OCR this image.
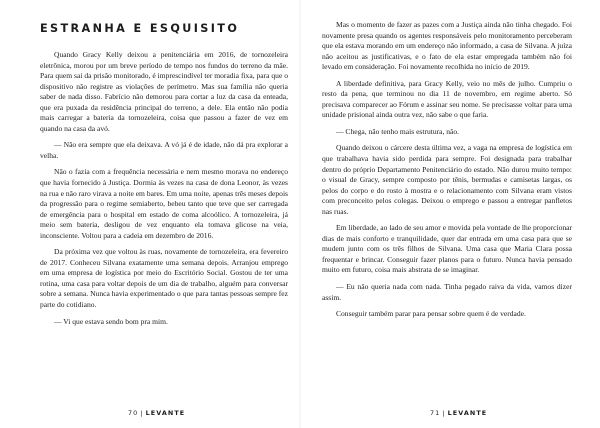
ESTRANHA E ESQUISITO

Quando Gracy Kelly deixou a penitenciária em 2016, de tornozeleira eletrônica, morou por um breve período de tempo nos fundos do terreno da mãe. Para quem sai da prisão monitorado, é imprescindível ter moradia fixa, para que o dispositivo não registre as violações de perímetro. Mas sua família não queria saber de nada disso. Fabrício não demorou para cortar a luz da casa da enteada, que era puxada da residência principal do terreno, a dele. Ela então não podia mais carregar a bateria da tornozeleira, coisa que passou a fazer de vez em quando na casa da avó.

— Não era sempre que ela deixava. A vó já é de idade, não dá pra explorar a velha.

Não o fazia com a frequência necessária e nem mesmo morava no endereço que havia fornecido à Justiça. Dormia às vezes na casa de dona Leonor, às vezes na rua e não raro virava a noite em bares. Em uma noite, apenas três meses depois da progressão para o regime semiaberto, bebeu tanto que teve que ser carregada de emergência para o hospital em estado de coma alcoólico. A tornozeleira, já meio sem bateria, desligou de vez enquanto ela tomava glicose na veia, inconsciente. Voltou para a cadeia em dezembro de 2016.

Da próxima vez que voltou às ruas, novamente de tornozeleira, era fevereiro de 2017. Conheceu Silvana exatamente uma semana depois. Arranjou emprego em uma empresa de logística por meio do Escritório Social. Gostou de ter uma rotina, uma casa para voltar depois de um dia de trabalho, alguém para conversar sobre a semana. Nunca havia experimentado o que para tantas pessoas sempre fez parte do cotidiano.

— Vi que estava sendo bom pra mim.

70 | LEVANTE

Mas o momento de fazer as pazes com a Justiça ainda não tinha chegado. Foi novamente presa quando os agentes responsáveis pelo monitoramento perceberam que ela estava morando em um endereço não informado, a casa de Silvana. A juíza não aceitou as justificativas, e o fato de ela estar empregada também não foi levado em consideração. Foi novamente recolhida no início de 2019.

A liberdade definitiva, para Gracy Kelly, veio no mês de julho. Cumpriu o resto da pena, que terminou no dia 11 de novembro, em regime aberto. Só precisava comparecer ao Fórum e assinar seu nome. Se precisasse voltar para uma unidade prisional ainda outra vez, não sabe o que faria.

— Chega, não tenho mais estrutura, não.

Quando deixou o cárcere desta última vez, a vaga na empresa de logística em que trabalhava havia sido perdida para sempre. Foi designada para trabalhar dentro do próprio Departamento Penitenciário do estado. Não durou muito tempo: o visual de Gracy, sempre composto por tênis, bermudas e camisetas largas, os pelos do corpo e do rosto à mostra e o relacionamento com Silvana eram vistos com preconceito pelos colegas. Deixou o emprego e passou a entregar panfletos nas ruas.

Em liberdade, ao lado de seu amor e movida pela vontade de lhe proporcionar dias de mais conforto e tranquilidade, quer dar entrada em uma casa para que se mudem junto com os três filhos de Silvana. Uma casa que Maria Clara possa frequentar e brincar. Conseguir fazer planos para o futuro. Nunca havia pensado muito em futuro, coisa mais abstrata de se imaginar.

— Eu não queria nada com nada. Tinha pegado raiva da vida, vamos dizer assim.

Conseguir também parar para pensar sobre quem é de verdade.

71 | LEVANTE
